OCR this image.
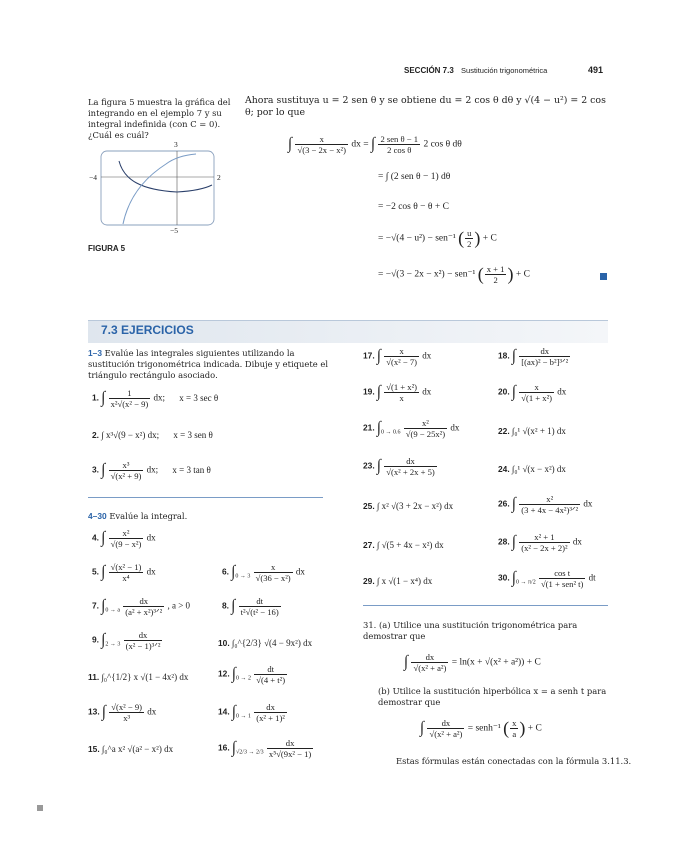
SECCIÓN 7.3 Sustitución trigonométrica	491
La figura 5 muestra la gráfica del integrando en el ejemplo 7 y su integral indefinida (con C = 0). ¿Cuál es cuál?
3
−5
−4	2
FIGURA 5
Ahora sustituya u = 2 sen θ y se obtiene du = 2 cos θ dθ y √(4 − u²) = 2 cos θ; por lo que
∫ $\frac{x}{\text{√(3 − 2x − x²)}}$ dx = ∫ $\frac{\text{2 sen θ − 1}}{\text{2 cos θ}} 2$ cos θ dθ
= ∫ (2 sen θ − 1) dθ
= −2 cos θ − θ + C
= −√(4 − u²) − sen⁻¹ ( $\frac{u}{2}$ ) + C
= −√(3 − 2x − x²) − sen⁻¹ ( $\frac{x + 1}{2}$ ) + C
7.3 EJERCICIOS
1–3 Evalúe las integrales siguientes utilizando la sustitución trigonométrica indicada. Dibuje y etiquete el triángulo rectángulo asociado.
1. ∫ $\frac{1}{\text{x²√(x² − 9)}}$ dx; x = 3 sec θ
2. ∫ x³√(9 − x²) dx; x = 3 sen θ
3. ∫ $\frac{\text{x³}}{\text{√(x² + 9)}}$ dx; x = 3 tan θ
4–30 Evalúe la integral.
4. ∫ $\frac{\text{x²}}{\text{√(9 − x²)}}$ dx
5. ∫ $\frac{\text{√(x² − 1)}}{\text{x⁴}}$ dx	6. $\int_{0 \to 3} \frac{x}{\text{√(36 − x²)}}$ dx
7. $\int_{0 \to a} \frac{dx}{\text{(a² + x²)³ᐟ²}}$ , a > 0	8. ∫ $\frac{dt}{\text{t²√(t² − 16)}}$
9. $\int_{2 \to 3} \frac{dx}{\text{(x² − 1)³ᐟ²}}$	10. ∫₀^{2/3} √(4 − 9x²) dx
11. ∫₀^{1/2} x √(1 − 4x²) dx	12. $\int_{0 \to 2} \frac{dt}{\text{√(4 + t²)}}$
13. ∫ $\frac{\text{√(x² − 9)}}{\text{x³}}$ dx	14. $\int_{0 \to 1} \frac{dx}{\text{(x² + 1)²}}$
15. ∫₀^a x² √(a² − x²) dx	16. $\int_{√2/3 \to 2/3} \frac{dx}{\text{x⁵√(9x² − 1)}}$
17. ∫ $\frac{x}{\text{√(x² − 7)}}$ dx	18. ∫ $\frac{dx}{\text{[(ax)² − b²]³ᐟ²}}$
19. ∫ $\frac{\text{√(1 + x²)}}{x}$ dx	20. ∫ $\frac{x}{\text{√(1 + x²)}}$ dx
21. $\int_{0 \to 0.6} \frac{\text{x²}}{\text{√(9 − 25x²)}}$ dx	22. ∫₀¹ √(x² + 1) dx
23. ∫ $\frac{dx}{\text{√(x² + 2x + 5)}}$	24. ∫₀¹ √(x − x²) dx
25. ∫ x² √(3 + 2x − x²) dx	26. ∫ $\frac{\text{x²}}{\text{(3 + 4x − 4x²)³ᐟ²}}$ dx
27. ∫ √(5 + 4x − x²) dx	28. ∫ $\frac{\text{x² + 1}}{\text{(x² − 2x + 2)²}}$ dx
29. ∫ x √(1 − x⁴) dx	30. $\int_{0 \to \pi/2} \frac{\text{cos t}}{\text{√(1 + sen² t)}}$ dt
31. (a) Utilice una sustitución trigonométrica para demostrar que
∫ $\frac{dx}{\text{√(x² + a²)}} = \ln(x + √(x^2 + a^2)) + C$
(b) Utilice la sustitución hiperbólica x = a senh t para demostrar que
∫ $\frac{dx}{\text{√(x² + a²)}}$ = senh⁻¹ ( $\frac{x}{a}$ ) + C
Estas fórmulas están conectadas con la fórmula 3.11.3.
